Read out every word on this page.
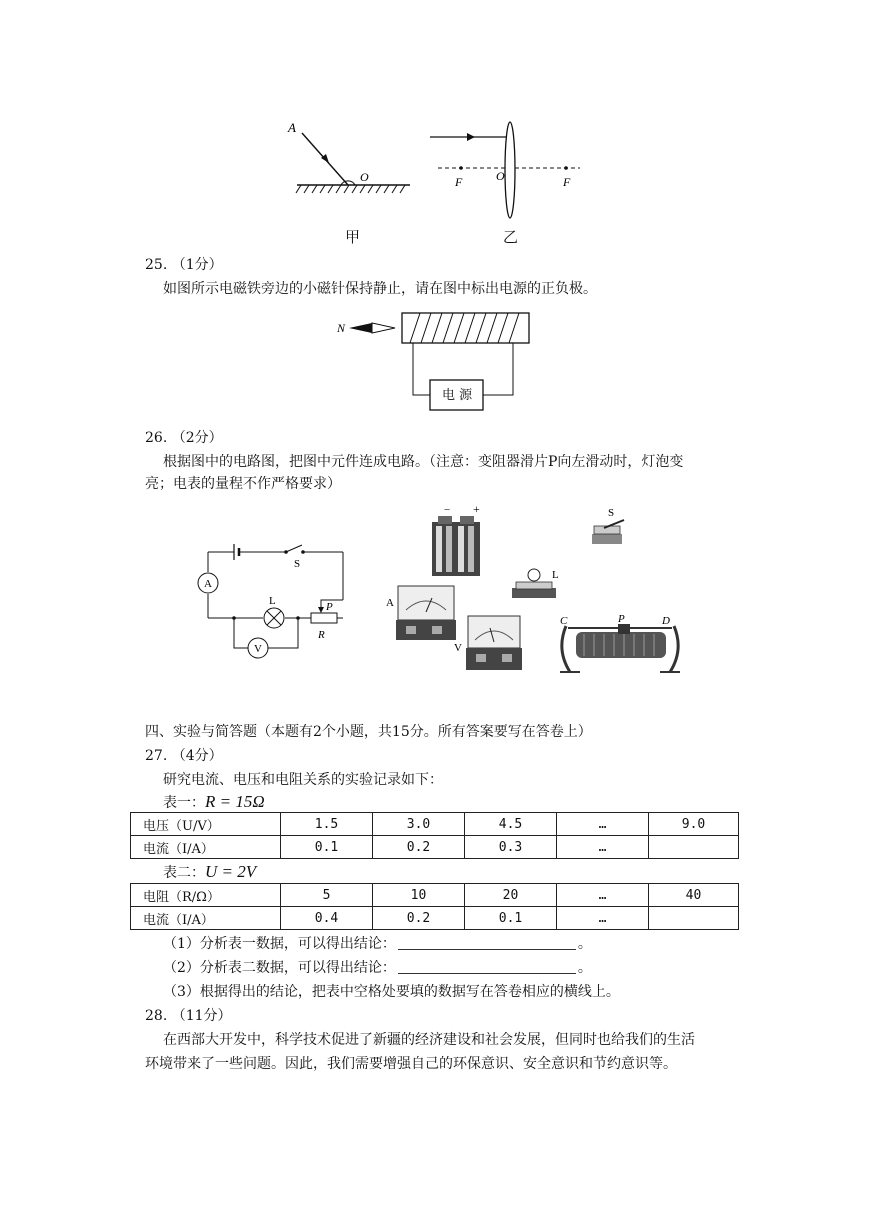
A
O
甲
F	O	F
乙
25. （1分）
如图所示电磁铁旁边的小磁针保持静止，请在图中标出电源的正负极。
N
电 源
26. （2分）
根据图中的电路图，把图中元件连成电路。（注意：变阻器滑片P向左滑动时，灯泡变
亮；电表的量程不作严格要求）
A
S
L	P
R
V
− +	S
L
A
V
C	P	D
四、实验与简答题（本题有2个小题，共15分。所有答案要写在答卷上）
27. （4分）
研究电流、电压和电阻关系的实验记录如下：
表一：R = 15Ω
电压（U/V）	1.5	3.0	4.5	…	9.0
电流（I/A）	0.1	0.2	0.3	…	
表二：U = 2V
电阻（R/Ω）	5	10	20	…	40
电流（I/A）	0.4	0.2	0.1	…	
（1）分析表一数据，可以得出结论：	。
（2）分析表二数据，可以得出结论：	。
（3）根据得出的结论，把表中空格处要填的数据写在答卷相应的横线上。
28. （11分）
在西部大开发中，科学技术促进了新疆的经济建设和社会发展，但同时也给我们的生活
环境带来了一些问题。因此，我们需要增强自己的环保意识、安全意识和节约意识等。
